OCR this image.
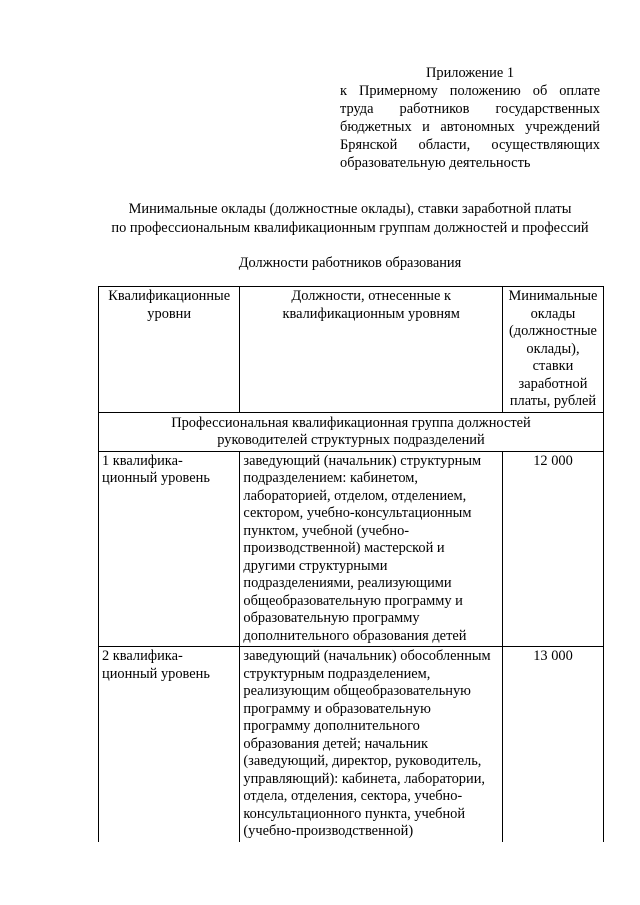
Приложение 1
к Примерному положению об оплате труда работников государственных бюджетных и автономных учреждений Брянской области, осуществляющих образовательную деятельность
Минимальные оклады (должностные оклады), ставки заработной платы
по профессиональным квалификационным группам должностей и профессий
Должности работников образования
Квалификационные уровни	Должности, отнесенные к квалификационным уровням	Минимальные оклады (должностные оклады), ставки заработной платы, рублей

Профессиональная квалификационная группа должностей
руководителей структурных подразделений		

1 квалифика- ционный уровень	заведующий (начальник) структурным подразделением: кабинетом, лабораторией, отделом, отделением, сектором, учебно-консультационным пунктом, учебной (учебно-производственной) мастерской и другими структурными подразделениями, реализующими общеобразовательную программу и образовательную программу дополнительного образования детей	12 000
2 квалифика- ционный уровень	заведующий (начальник) обособленным структурным подразделением, реализующим общеобразовательную программу и образовательную программу дополнительного образования детей; начальник (заведующий, директор, руководитель, управляющий): кабинета, лаборатории, отдела, отделения, сектора, учебно-консультационного пункта, учебной (учебно-производственной)	13 000
